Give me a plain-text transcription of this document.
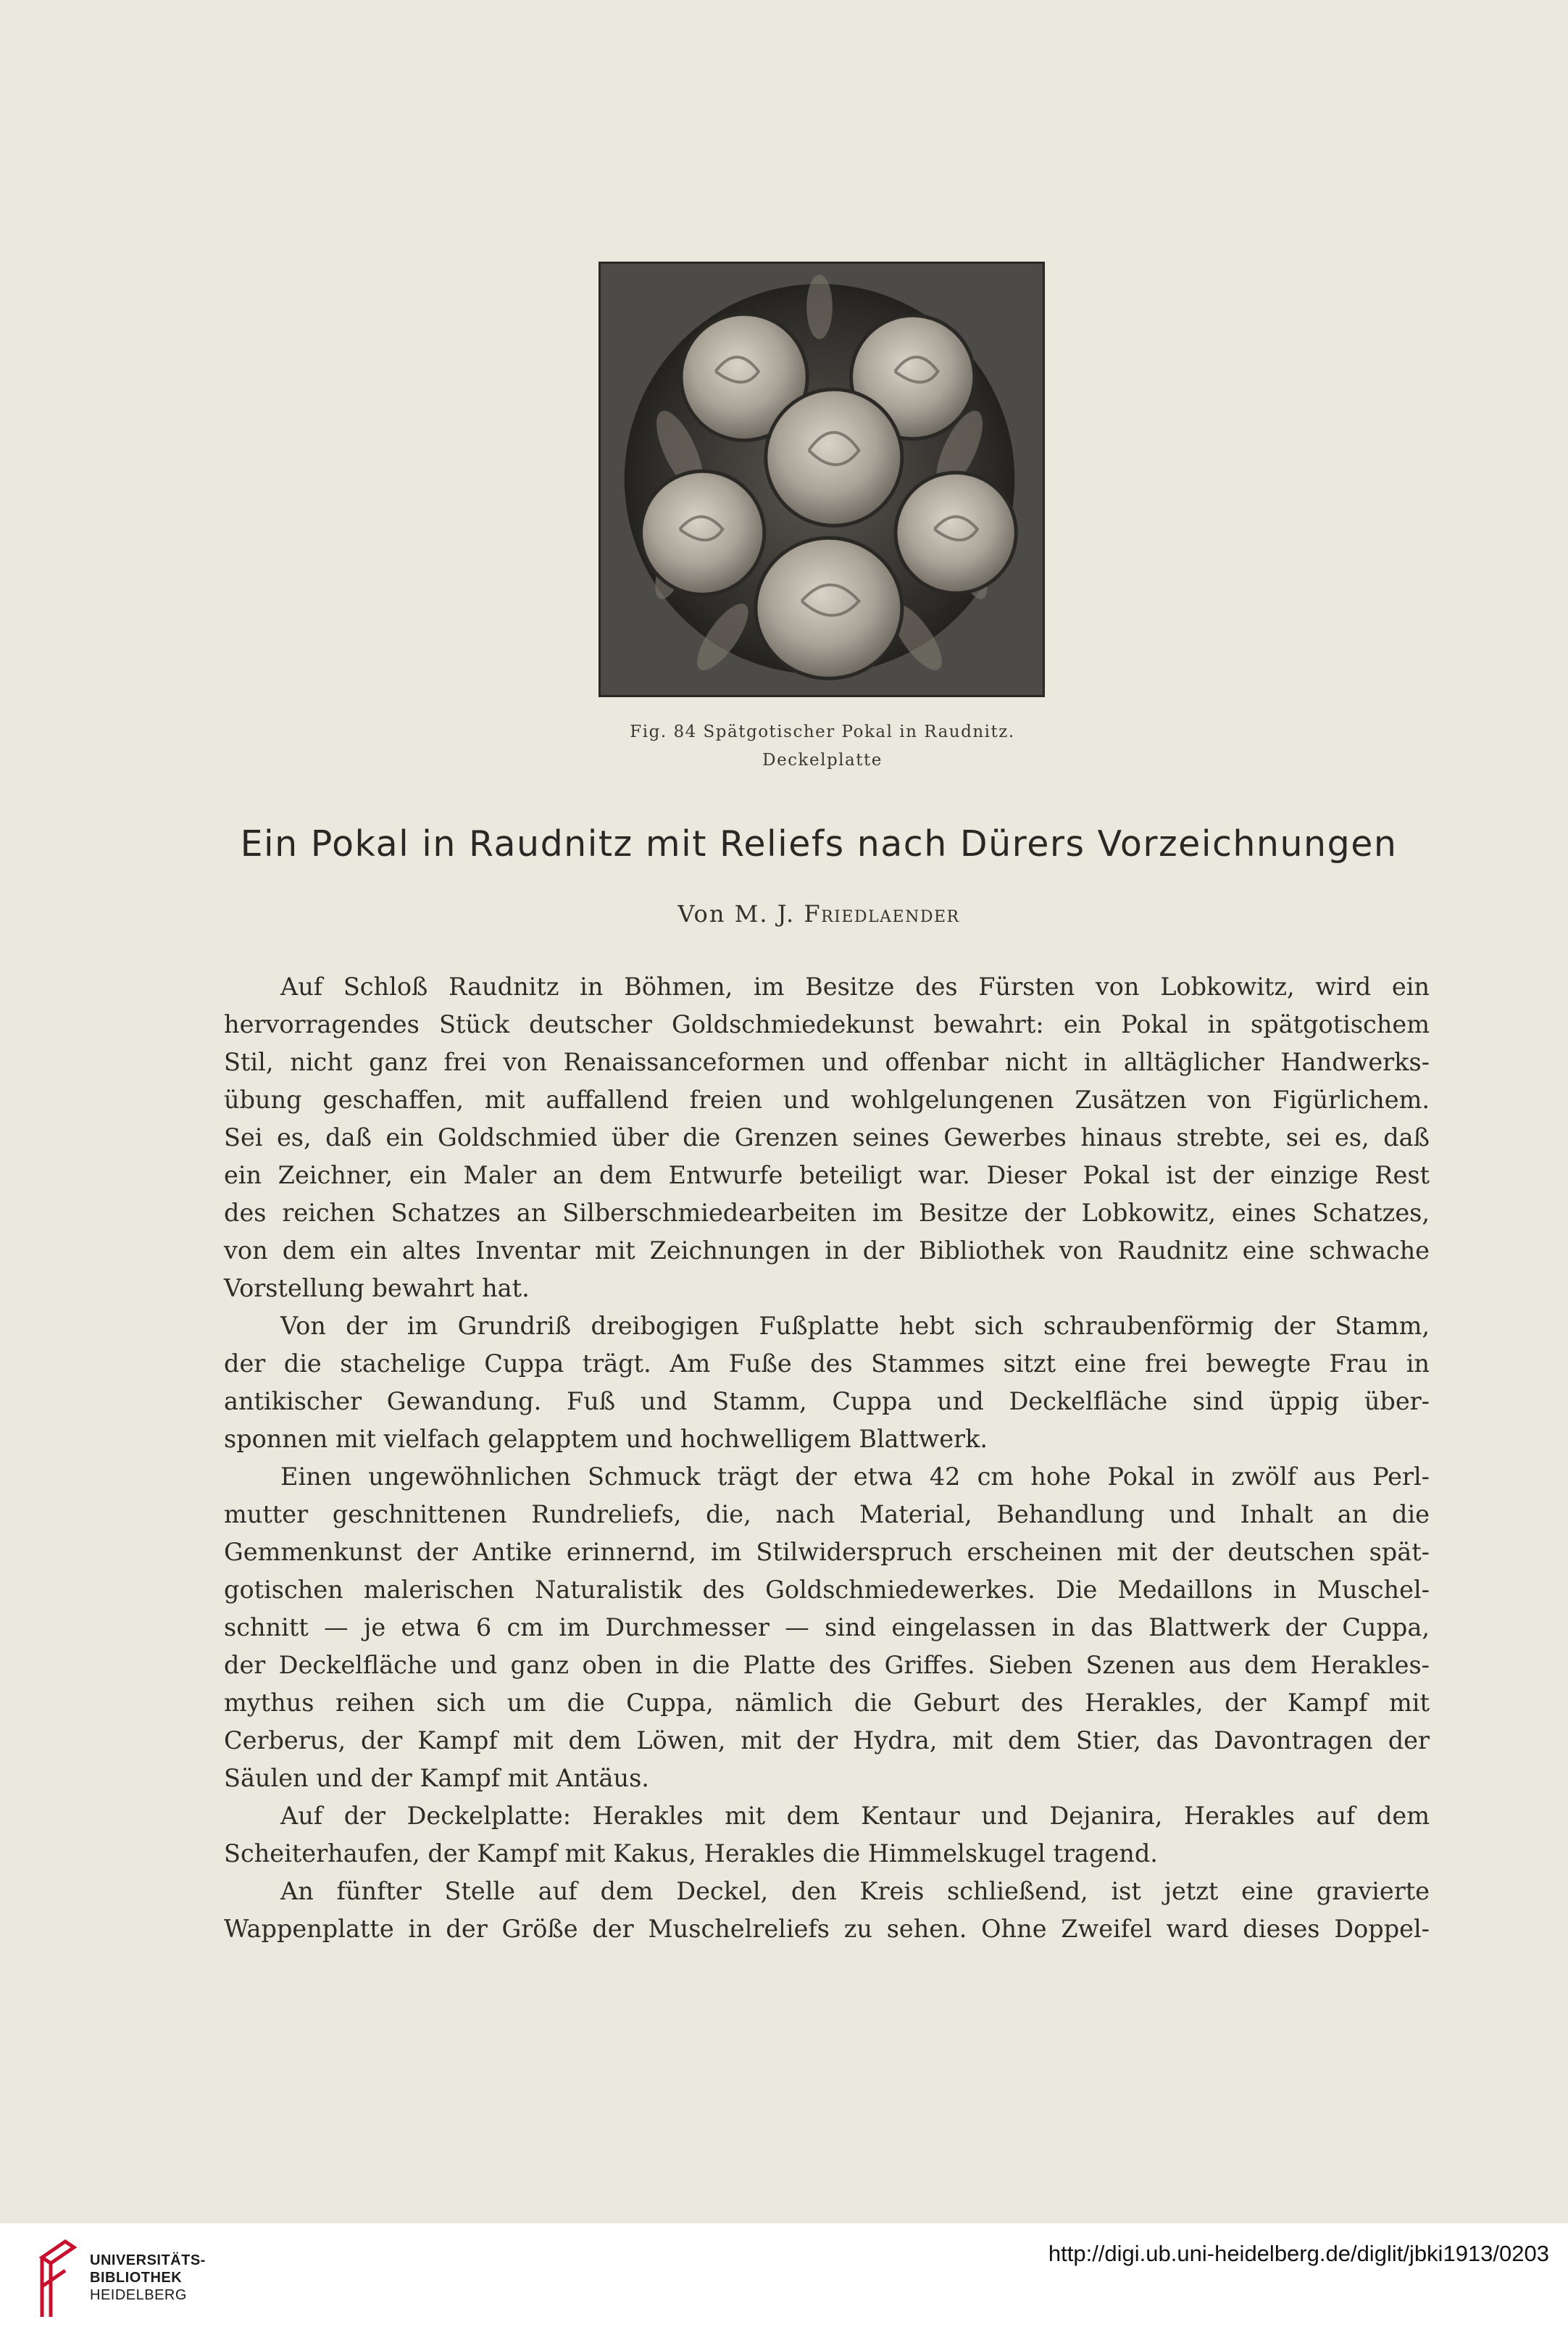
Fig. 84 Spätgotischer Pokal in Raudnitz.
Deckelplatte
Ein Pokal in Raudnitz mit Reliefs nach Dürers Vorzeichnungen
Von M. J. Friedlaender
Auf Schloß Raudnitz in Böhmen, im Besitze des Fürsten von Lobkowitz, wird ein
hervorragendes Stück deutscher Goldschmiedekunst bewahrt: ein Pokal in spätgotischem
Stil, nicht ganz frei von Renaissanceformen und offenbar nicht in alltäglicher Handwerks-
übung geschaffen, mit auffallend freien und wohlgelungenen Zusätzen von Figürlichem.
Sei es, daß ein Goldschmied über die Grenzen seines Gewerbes hinaus strebte, sei es, daß
ein Zeichner, ein Maler an dem Entwurfe beteiligt war. Dieser Pokal ist der einzige Rest
des reichen Schatzes an Silberschmiedearbeiten im Besitze der Lobkowitz, eines Schatzes,
von dem ein altes Inventar mit Zeichnungen in der Bibliothek von Raudnitz eine schwache
Vorstellung bewahrt hat.
Von der im Grundriß dreibogigen Fußplatte hebt sich schraubenförmig der Stamm,
der die stachelige Cuppa trägt. Am Fuße des Stammes sitzt eine frei bewegte Frau in
antikischer Gewandung. Fuß und Stamm, Cuppa und Deckelfläche sind üppig über-
sponnen mit vielfach gelapptem und hochwelligem Blattwerk.
Einen ungewöhnlichen Schmuck trägt der etwa 42 cm hohe Pokal in zwölf aus Perl-
mutter geschnittenen Rundreliefs, die, nach Material, Behandlung und Inhalt an die
Gemmenkunst der Antike erinnernd, im Stilwiderspruch erscheinen mit der deutschen spät-
gotischen malerischen Naturalistik des Goldschmiedewerkes. Die Medaillons in Muschel-
schnitt — je etwa 6 cm im Durchmesser — sind eingelassen in das Blattwerk der Cuppa,
der Deckelfläche und ganz oben in die Platte des Griffes. Sieben Szenen aus dem Herakles-
mythus reihen sich um die Cuppa, nämlich die Geburt des Herakles, der Kampf mit
Cerberus, der Kampf mit dem Löwen, mit der Hydra, mit dem Stier, das Davontragen der
Säulen und der Kampf mit Antäus.
Auf der Deckelplatte: Herakles mit dem Kentaur und Dejanira, Herakles auf dem
Scheiterhaufen, der Kampf mit Kakus, Herakles die Himmelskugel tragend.
An fünfter Stelle auf dem Deckel, den Kreis schließend, ist jetzt eine gravierte
Wappenplatte in der Größe der Muschelreliefs zu sehen. Ohne Zweifel ward dieses Doppel-
UNIVERSITÄTS-
BIBLIOTHEK
HEIDELBERG
http://digi.ub.uni-heidelberg.de/diglit/jbki1913/0203
